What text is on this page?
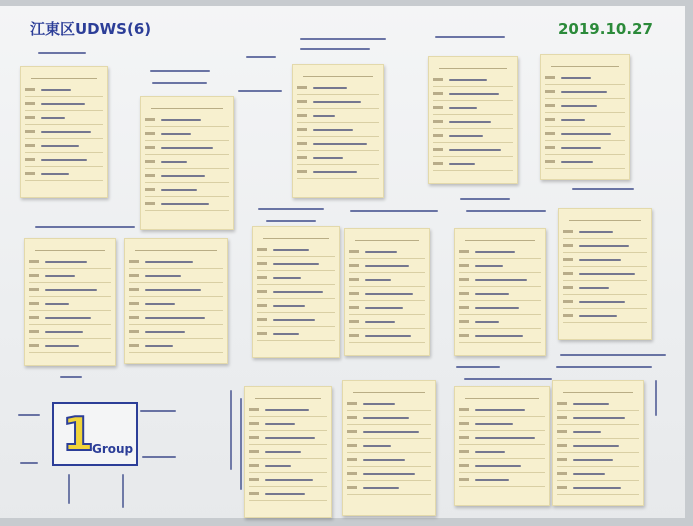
江東区UDWS(6)	2019.10.27
1
Group
